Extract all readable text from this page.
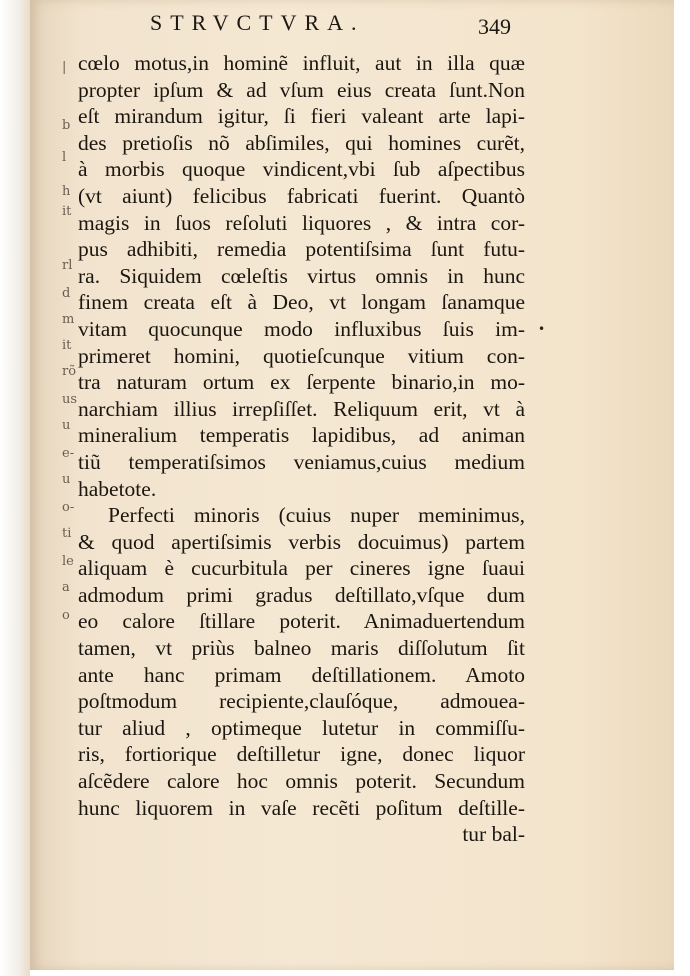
|
b
l
h
it
rl
d
m
it
rõ
us
u
e-
u
o-
ti
le
a
o
STRVCTVRA.	349
cœlo motus,in hominẽ influit, aut in illa quæ
propter ipſum & ad vſum eius creata ſunt.Non
eſt mirandum igitur, ſi fieri valeant arte lapi-
des pretioſis nõ abſimiles, qui homines curẽt,
à morbis quoque vindicent,vbi ſub aſpectibus
(vt aiunt) felicibus fabricati fuerint. Quantò
magis in ſuos reſoluti liquores , & intra cor-
pus adhibiti, remedia potentiſsima ſunt futu-
ra. Siquidem cœleſtis virtus omnis in hunc
finem creata eſt à Deo, vt longam ſanamque
vitam quocunque modo influxibus ſuis im-
primeret homini, quotieſcunque vitium con-
tra naturam ortum ex ſerpente binario,in mo-
narchiam illius irrepſiſſet. Reliquum erit, vt à
mineralium temperatis lapidibus, ad animan
tiũ temperatiſsimos veniamus,cuius medium
habetote.
Perfecti minoris (cuius nuper meminimus,
& quod apertiſsimis verbis docuimus) partem
aliquam è cucurbitula per cineres igne ſuaui
admodum primi gradus deſtillato,vſque dum
eo calore ſtillare poterit. Animaduertendum
tamen, vt priùs balneo maris diſſolutum ſit
ante hanc primam deſtillationem. Amoto
poſtmodum recipiente,clauſóque, admoueа-
tur aliud , optimeque lutetur in commiſſu-
ris, fortiorique deſtilletur igne, donec liquor
aſcẽdere calore hoc omnis poterit. Secundum
hunc liquorem in vaſe recẽti poſitum deſtille-
tur bal-
•
